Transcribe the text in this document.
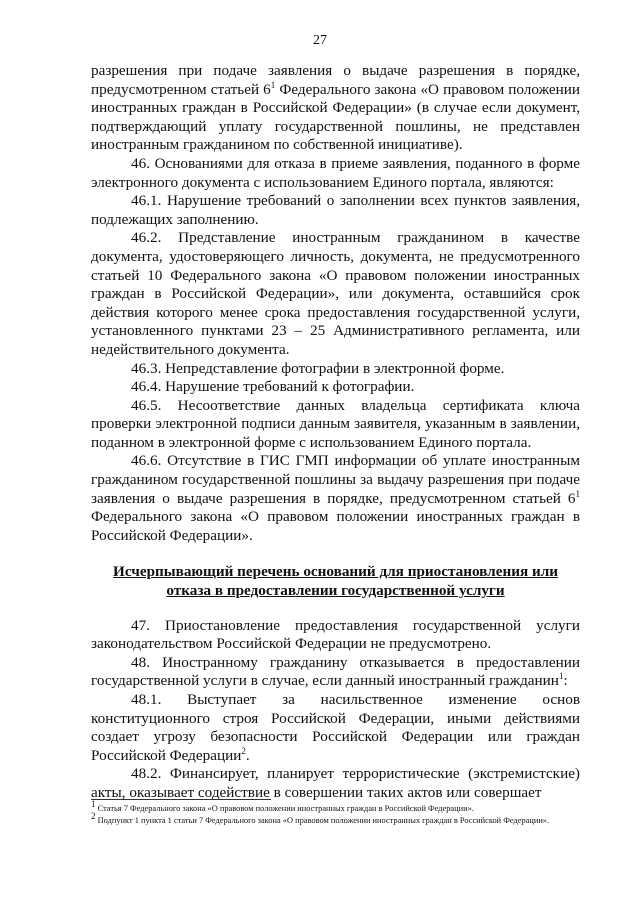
27

разрешения при подаче заявления о выдаче разрешения в порядке, предусмотренном статьей $6^1$ Федерального закона «О правовом положении иностранных граждан в Российской Федерации» (в случае если документ, подтверждающий уплату государственной пошлины, не представлен иностранным гражданином по собственной инициативе).

46. Основаниями для отказа в приеме заявления, поданного в форме электронного документа с использованием Единого портала, являются:

46.1. Нарушение требований о заполнении всех пунктов заявления, подлежащих заполнению.

46.2. Представление иностранным гражданином в качестве документа, удостоверяющего личность, документа, не предусмотренного статьей 10 Федерального закона «О правовом положении иностранных граждан в Российской Федерации», или документа, оставшийся срок действия которого менее срока предоставления государственной услуги, установленного пунктами 23 – 25 Административного регламента, или недействительного документа.

46.3. Непредставление фотографии в электронной форме.

46.4. Нарушение требований к фотографии.

46.5. Несоответствие данных владельца сертификата ключа проверки электронной подписи данным заявителя, указанным в заявлении, поданном в электронной форме с использованием Единого портала.

46.6. Отсутствие в ГИС ГМП информации об уплате иностранным гражданином государственной пошлины за выдачу разрешения при подаче заявления о выдаче разрешения в порядке, предусмотренном статьей $6^1$ Федерального закона «О правовом положении иностранных граждан в Российской Федерации».

Исчерпывающий перечень оснований для приостановления или отказа в предоставлении государственной услуги

47. Приостановление предоставления государственной услуги законодательством Российской Федерации не предусмотрено.

48. Иностранному гражданину отказывается в предоставлении государственной услуги в случае, если данный иностранный гражданин$^1$:

48.1. Выступает за насильственное изменение основ конституционного строя Российской Федерации, иными действиями создает угрозу безопасности Российской Федерации или граждан Российской Федерации$^2$.

48.2. Финансирует, планирует террористические (экстремистские) акты, оказывает содействие в совершении таких актов или совершает

$^1$ Статья 7 Федерального закона «О правовом положении иностранных граждан в Российской Федерации».

$^2$ Подпункт 1 пункта 1 статьи 7 Федерального закона «О правовом положении иностранных граждан в Российской Федерации».
